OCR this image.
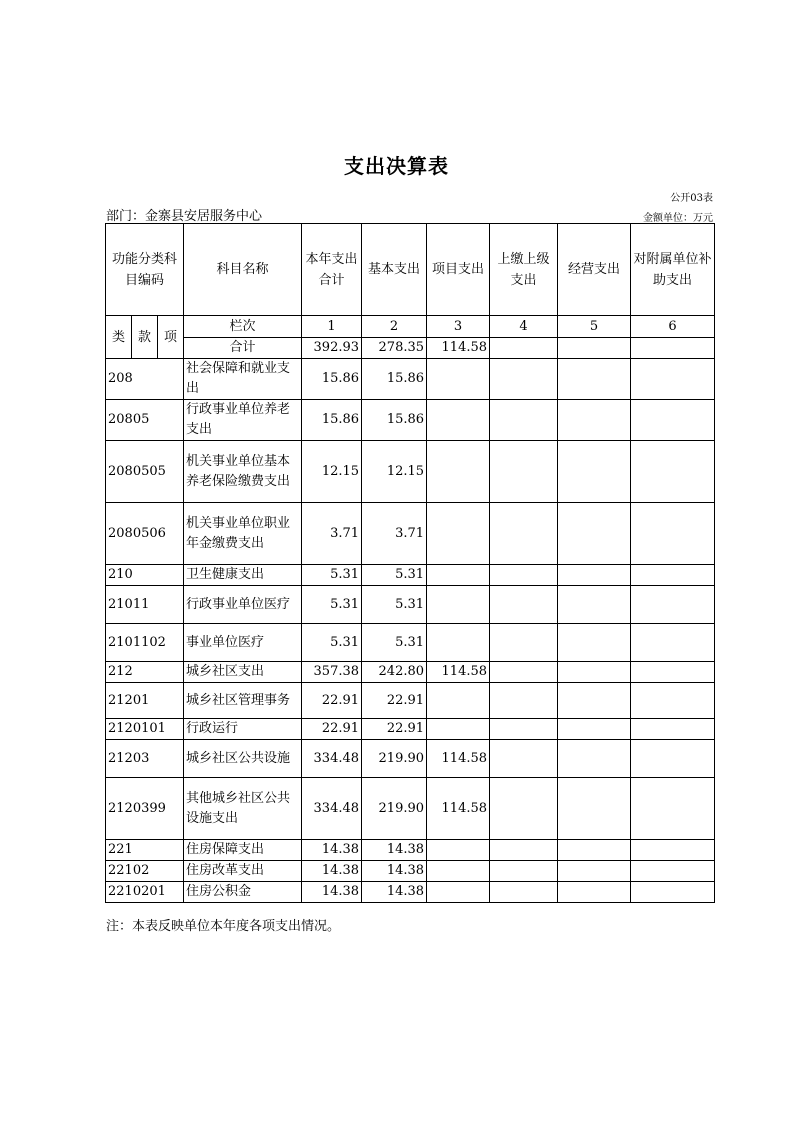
支出决算表
公开03表
部门：金寨县安居服务中心	金额单位：万元
功能分类科目编码			科目名称	本年支出合计	基本支出	项目支出	上缴上级支出	经营支出	对附属单位补助支出
类	款	项	栏次	1	2	3	4	5	6
			合计	392.93	278.35	114.58			
208			社会保障和就业支出	15.86	15.86				
20805			行政事业单位养老支出	15.86	15.86				
2080505			机关事业单位基本养老保险缴费支出	12.15	12.15				
2080506			机关事业单位职业年金缴费支出	3.71	3.71				
210			卫生健康支出	5.31	5.31				
21011			行政事业单位医疗	5.31	5.31				
2101102			事业单位医疗	5.31	5.31				
212			城乡社区支出	357.38	242.80	114.58			
21201			城乡社区管理事务	22.91	22.91				
2120101			行政运行	22.91	22.91				
21203			城乡社区公共设施	334.48	219.90	114.58			
2120399			其他城乡社区公共设施支出	334.48	219.90	114.58			
221			住房保障支出	14.38	14.38				
22102			住房改革支出	14.38	14.38				
2210201			住房公积金	14.38	14.38				
注：本表反映单位本年度各项支出情况。
